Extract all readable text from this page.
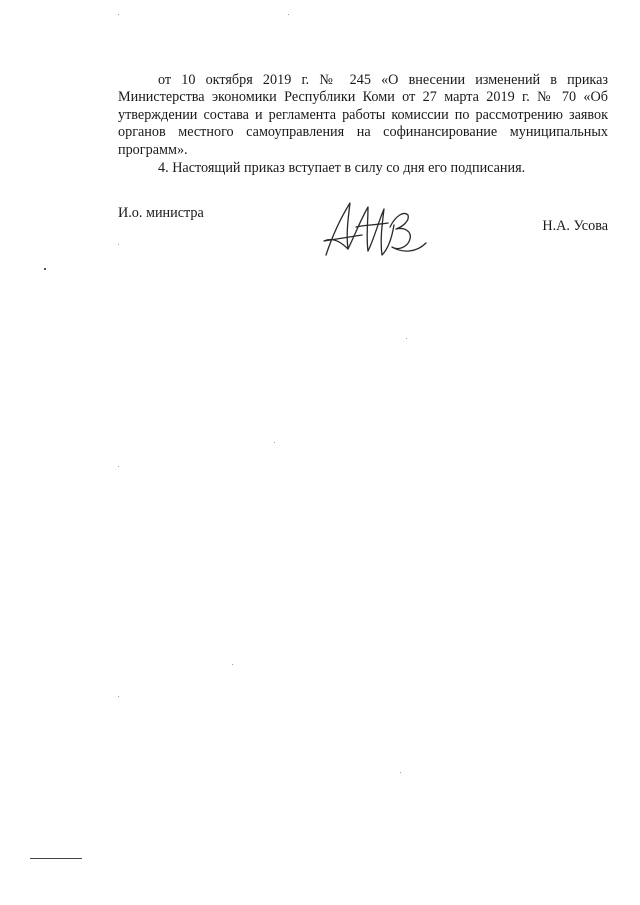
от 10 октября 2019 г. № 245 «О внесении изменений в приказ Министерства экономики Республики Коми от 27 марта 2019 г. № 70 «Об утверждении состава и регламента работы комиссии по рассмотрению заявок органов местного самоуправления на софинансирование муниципальных программ».

4. Настоящий приказ вступает в силу со дня его подписания.

И.о. министра
Н.А. Усова
